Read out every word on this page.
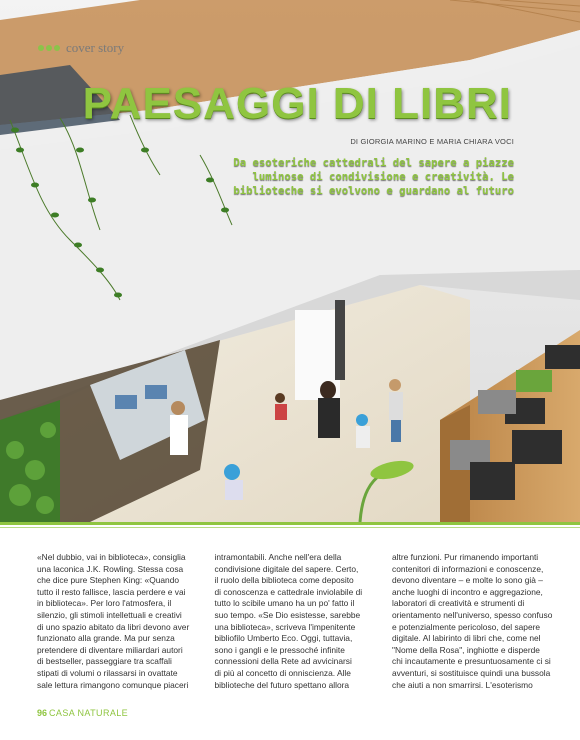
cover story
PAESAGGI DI LIBRI
DI GIORGIA MARINO E MARIA CHIARA VOCI
Da esoteriche cattedrali del sapere a piazze
luminose di condivisione e creatività. Le
biblioteche si evolvono e guardano al futuro
«Nel dubbio, vai in biblioteca», consiglia
una laconica J.K. Rowling. Stessa cosa
che dice pure Stephen King: «Quando
tutto il resto fallisce, lascia perdere e vai
in biblioteca». Per loro l'atmosfera, il
silenzio, gli stimoli intellettuali e creativi
di uno spazio abitato da libri devono aver
funzionato alla grande. Ma pur senza
pretendere di diventare miliardari autori
di bestseller, passeggiare tra scaffali
stipati di volumi o rilassarsi in ovattate
sale lettura rimangono comunque piaceri
intramontabili. Anche nell'era della
condivisione digitale del sapere. Certo,
il ruolo della biblioteca come deposito
di conoscenza e cattedrale inviolabile di
tutto lo scibile umano ha un po' fatto il
suo tempo. «Se Dio esistesse, sarebbe
una biblioteca», scriveva l'impenitente
bibliofilo Umberto Eco. Oggi, tuttavia,
sono i gangli e le pressoché infinite
connessioni della Rete ad avvicinarsi
di più al concetto di onniscienza. Alle
biblioteche del futuro spettano allora
altre funzioni. Pur rimanendo importanti
contenitori di informazioni e conoscenze,
devono diventare – e molte lo sono già –
anche luoghi di incontro e aggregazione,
laboratori di creatività e strumenti di
orientamento nell'universo, spesso confuso
e potenzialmente pericoloso, del sapere
digitale. Al labirinto di libri che, come nel
"Nome della Rosa", inghiotte e disperde
chi incautamente e presuntuosamente ci si
avventuri, si sostituisce quindi una bussola
che aiuti a non smarrirsi. L'esoterismo
96 CASA NATURALE
